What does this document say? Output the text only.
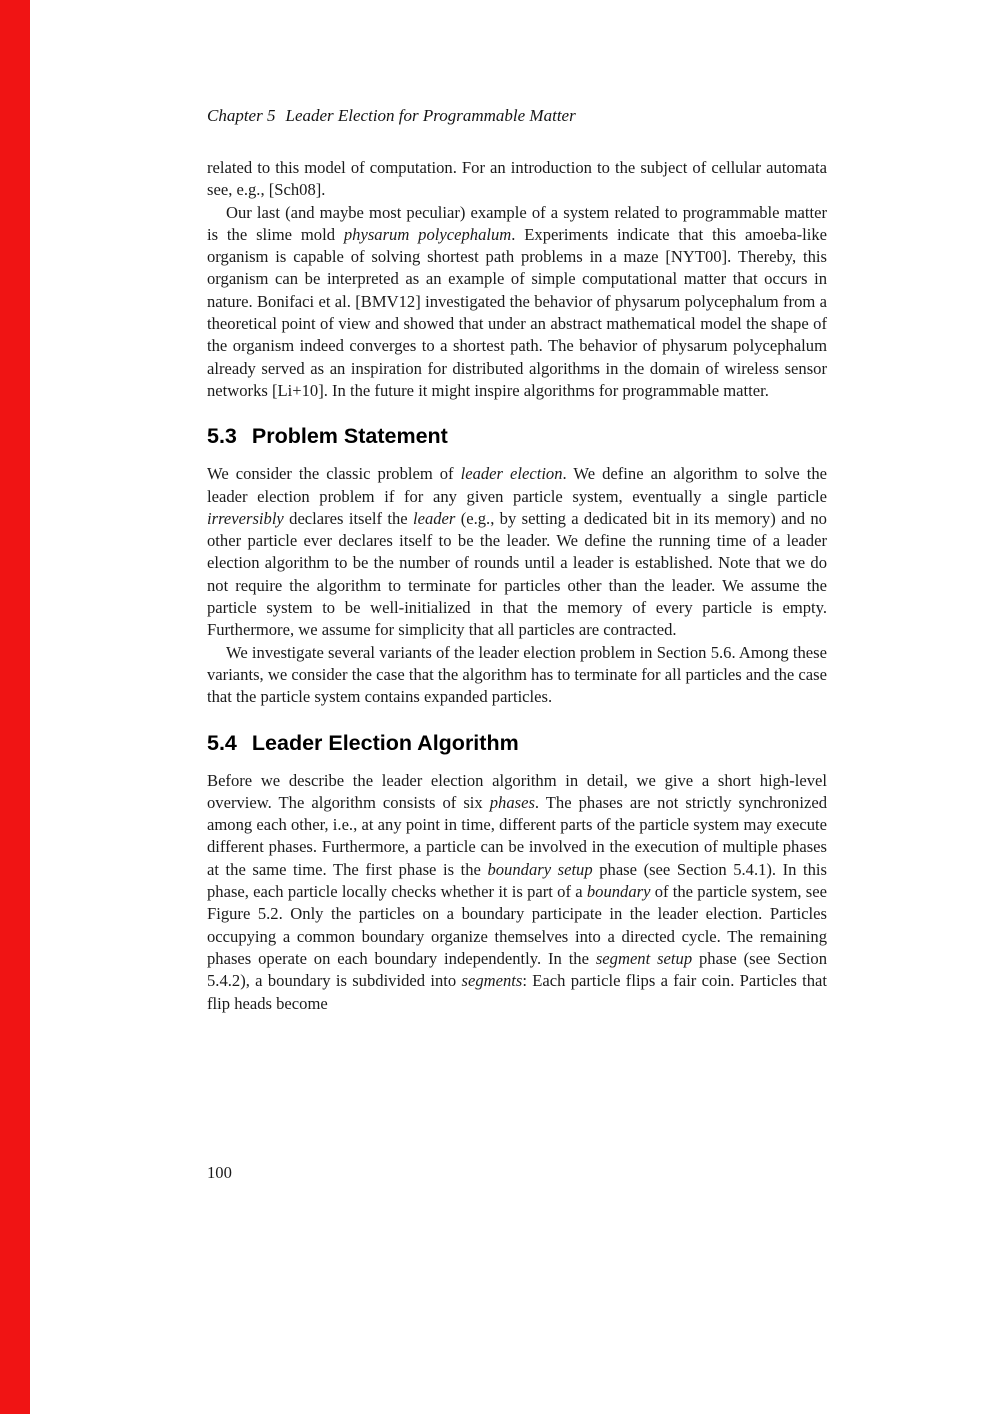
Chapter 5 Leader Election for Programmable Matter

related to this model of computation. For an introduction to the subject of cellular automata see, e.g., [Sch08].

Our last (and maybe most peculiar) example of a system related to programmable matter is the slime mold physarum polycephalum. Experiments indicate that this amoeba-like organism is capable of solving shortest path problems in a maze [NYT00]. Thereby, this organism can be interpreted as an example of simple computational matter that occurs in nature. Bonifaci et al. [BMV12] investigated the behavior of physarum polycephalum from a theoretical point of view and showed that under an abstract mathematical model the shape of the organism indeed converges to a shortest path. The behavior of physarum polycephalum already served as an inspiration for distributed algorithms in the domain of wireless sensor networks [Li+10]. In the future it might inspire algorithms for programmable matter.

5.3 Problem Statement

We consider the classic problem of leader election. We define an algorithm to solve the leader election problem if for any given particle system, eventually a single particle irreversibly declares itself the leader (e.g., by setting a dedicated bit in its memory) and no other particle ever declares itself to be the leader. We define the running time of a leader election algorithm to be the number of rounds until a leader is established. Note that we do not require the algorithm to terminate for particles other than the leader. We assume the particle system to be well-initialized in that the memory of every particle is empty. Furthermore, we assume for simplicity that all particles are contracted.

We investigate several variants of the leader election problem in Section 5.6. Among these variants, we consider the case that the algorithm has to terminate for all particles and the case that the particle system contains expanded particles.

5.4 Leader Election Algorithm

Before we describe the leader election algorithm in detail, we give a short high-level overview. The algorithm consists of six phases. The phases are not strictly synchronized among each other, i.e., at any point in time, different parts of the particle system may execute different phases. Furthermore, a particle can be involved in the execution of multiple phases at the same time. The first phase is the boundary setup phase (see Section 5.4.1). In this phase, each particle locally checks whether it is part of a boundary of the particle system, see Figure 5.2. Only the particles on a boundary participate in the leader election. Particles occupying a common boundary organize themselves into a directed cycle. The remaining phases operate on each boundary independently. In the segment setup phase (see Section 5.4.2), a boundary is subdivided into segments: Each particle flips a fair coin. Particles that flip heads become

100
